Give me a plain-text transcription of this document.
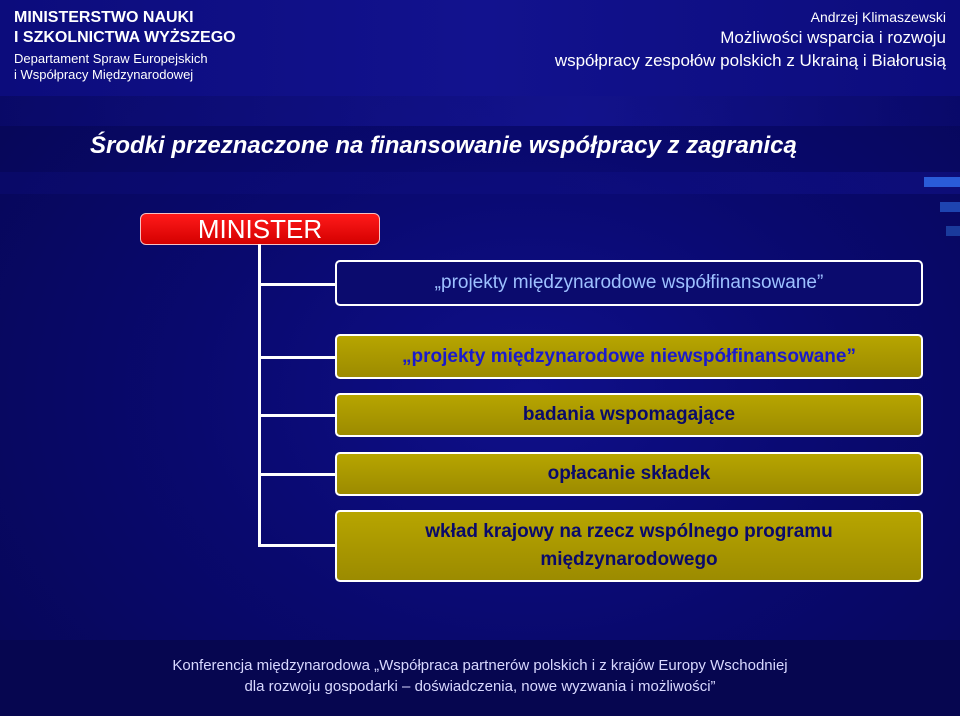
MINISTERSTWO NAUKI
I SZKOLNICTWA WYŻSZEGO
Departament Spraw Europejskich
i Współpracy Międzynarodowej
Andrzej Klimaszewski
Możliwości wsparcia i rozwoju
współpracy zespołów polskich z Ukrainą i Białorusią
Środki przeznaczone na finansowanie współpracy z zagranicą
MINISTER
„projekty międzynarodowe współfinansowane”
„projekty międzynarodowe niewspółfinansowane”
badania wspomagające
opłacanie składek
wkład krajowy na rzecz wspólnego programu międzynarodowego
Konferencja międzynarodowa „Współpraca partnerów polskich i z krajów Europy Wschodniej
dla rozwoju gospodarki – doświadczenia, nowe wyzwania i możliwości”
